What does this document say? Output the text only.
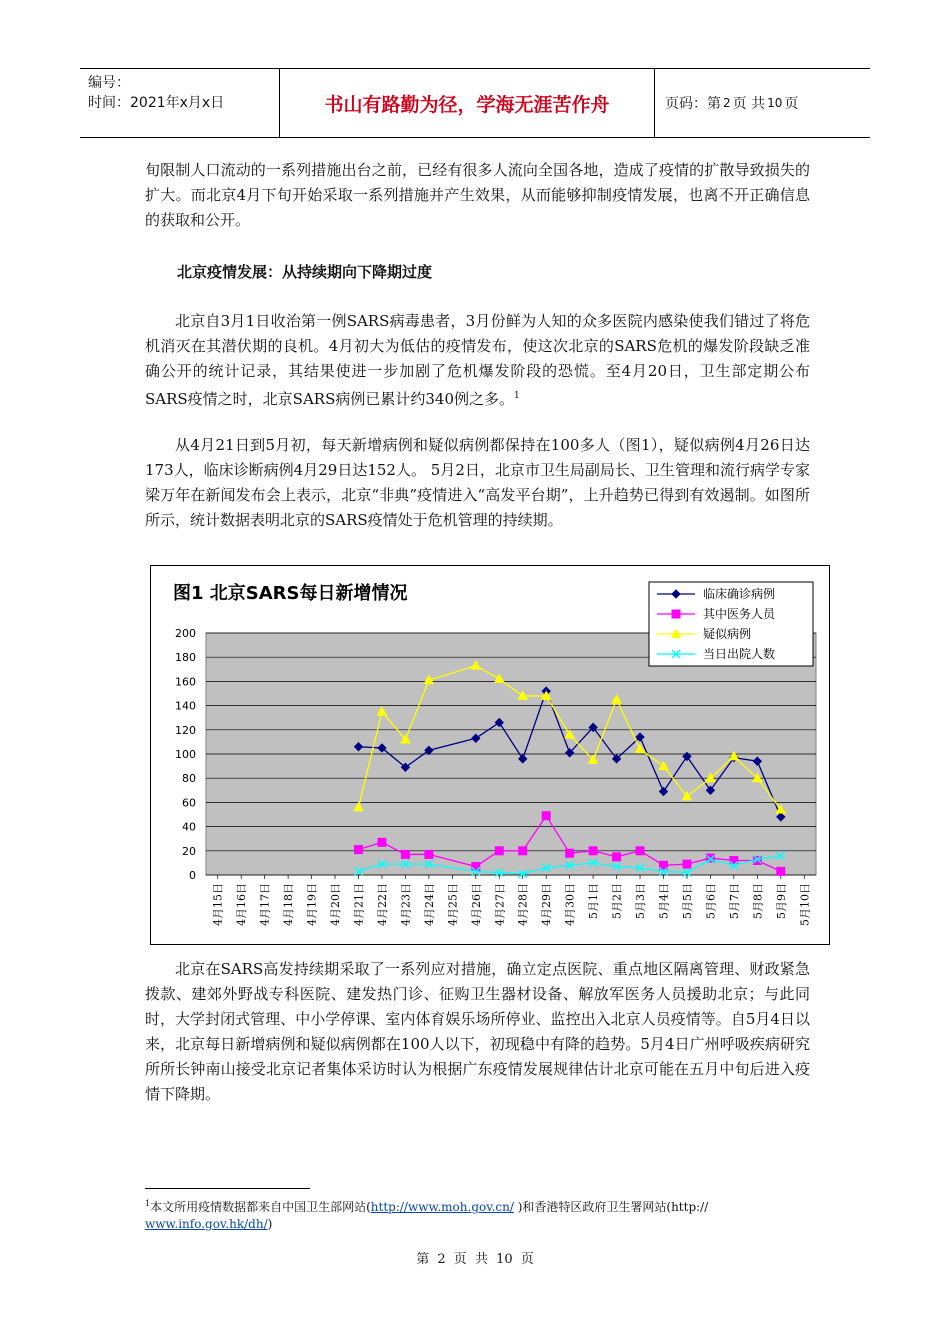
编号：
时间：2021年x月x日	书山有路勤为径，学海无涯苦作舟	页码：第 2 页 共 10 页

旬限制人口流动的一系列措施出台之前，已经有很多人流向全国各地，造成了疫情的扩散导致损失的扩大。而北京4月下旬开始采取一系列措施并产生效果，从而能够抑制疫情发展，也离不开正确信息的获取和公开。

北京疫情发展：从持续期向下降期过度

北京自3月1日收治第一例SARS病毒患者，3月份鲜为人知的众多医院内感染使我们错过了将危机消灭在其潜伏期的良机。4月初大为低估的疫情发布，使这次北京的SARS危机的爆发阶段缺乏准确公开的统计记录，其结果使进一步加剧了危机爆发阶段的恐慌。至4月20日，卫生部定期公布SARS疫情之时，北京SARS病例已累计约340例之多。$^1$

从4月21日到5月初，每天新增病例和疑似病例都保持在100多人（图1），疑似病例4月26日达173人，临床诊断病例4月29日达152人。 5月2日，北京市卫生局副局长、卫生管理和流行病学专家梁万年在新闻发布会上表示，北京“非典”疫情进入“高发平台期”，上升趋势已得到有效遏制。如图所所示，统计数据表明北京的SARS疫情处于危机管理的持续期。

图1 北京SARS每日新增情况
0
20
40
60
80
100
120
140
160
180
200
4月15日 4月16日 4月17日 4月18日 4月19日 4月20日 4月21日 4月22日 4月23日 4月24日 4月25日 4月26日 4月27日 4月28日 4月29日 4月30日 5月1日 5月2日 5月3日 5月4日 5月5日 5月6日 5月7日 5月8日 5月9日 5月10日
临床确诊病例
其中医务人员
疑似病例
当日出院人数

北京在SARS高发持续期采取了一系列应对措施，确立定点医院、重点地区隔离管理、财政紧急拨款、建郊外野战专科医院、建发热门诊、征购卫生器材设备、解放军医务人员援助北京；与此同时，大学封闭式管理、中小学停课、室内体育娱乐场所停业、监控出入北京人员疫情等。自5月4日以来，北京每日新增病例和疑似病例都在100人以下，初现稳中有降的趋势。5月4日广州呼吸疾病研究所所长钟南山接受北京记者集体采访时认为根据广东疫情发展规律估计北京可能在五月中旬后进入疫情下降期。

$^1$本文所用疫情数据都来自中国卫生部网站(http://www.moh.gov.cn/ )和香港特区政府卫生署网站(http://
www.info.gov.hk/dh/)

第 2 页 共 10 页
